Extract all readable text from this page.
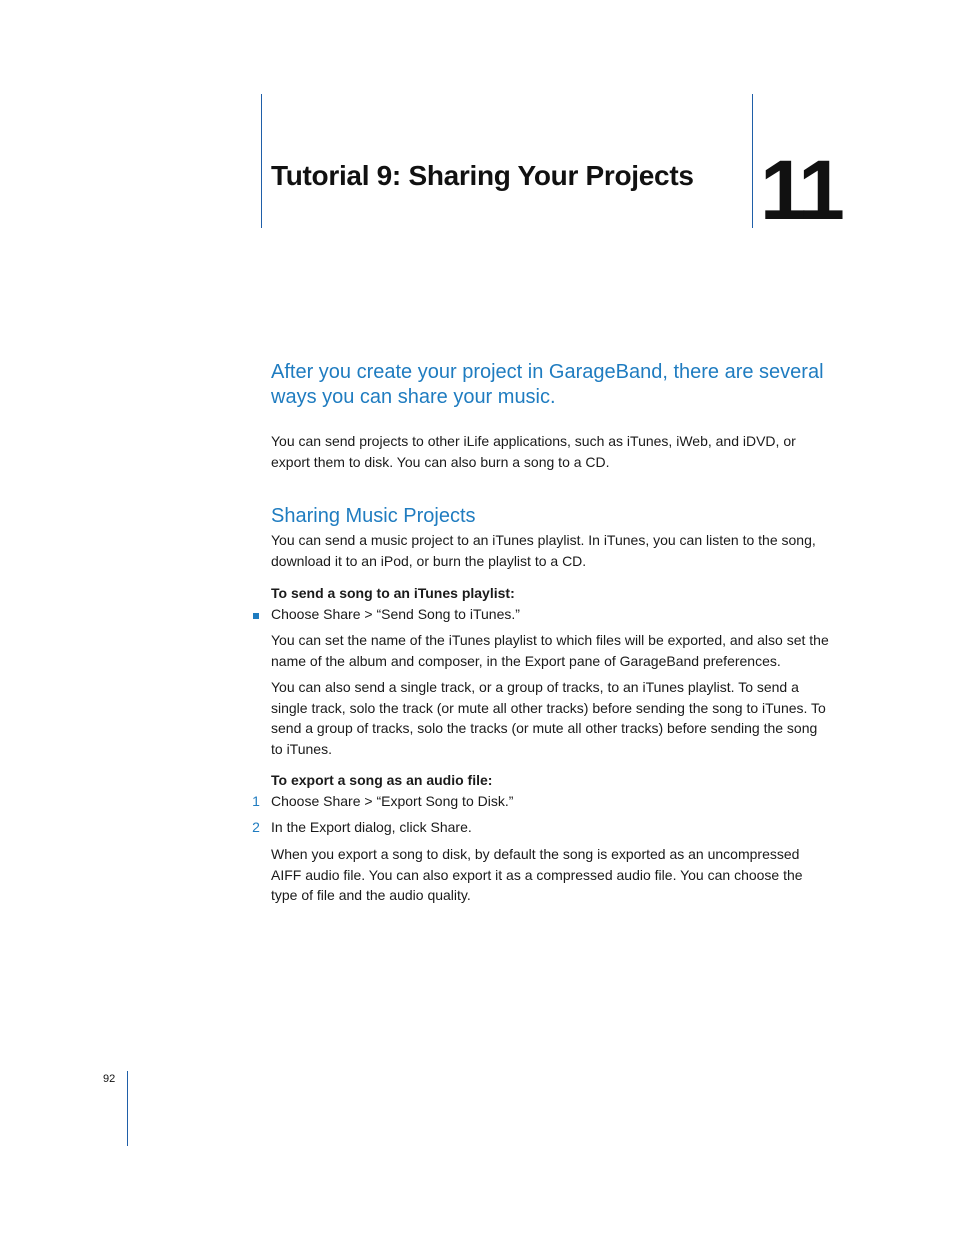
Tutorial 9: Sharing Your Projects 11
After you create your project in GarageBand, there are several ways you can share your music.

You can send projects to other iLife applications, such as iTunes, iWeb, and iDVD, or export them to disk. You can also burn a song to a CD.

Sharing Music Projects

You can send a music project to an iTunes playlist. In iTunes, you can listen to the song, download it to an iPod, or burn the playlist to a CD.

To send a song to an iTunes playlist:
Choose Share > “Send Song to iTunes.”

You can set the name of the iTunes playlist to which files will be exported, and also set the name of the album and composer, in the Export pane of GarageBand preferences.

You can also send a single track, or a group of tracks, to an iTunes playlist. To send a single track, solo the track (or mute all other tracks) before sending the song to iTunes. To send a group of tracks, solo the tracks (or mute all other tracks) before sending the song to iTunes.

To export a song as an audio file:
1 Choose Share > “Export Song to Disk.”
2 In the Export dialog, click Share.

When you export a song to disk, by default the song is exported as an uncompressed AIFF audio file. You can also export it as a compressed audio file. You can choose the type of file and the audio quality.

92
